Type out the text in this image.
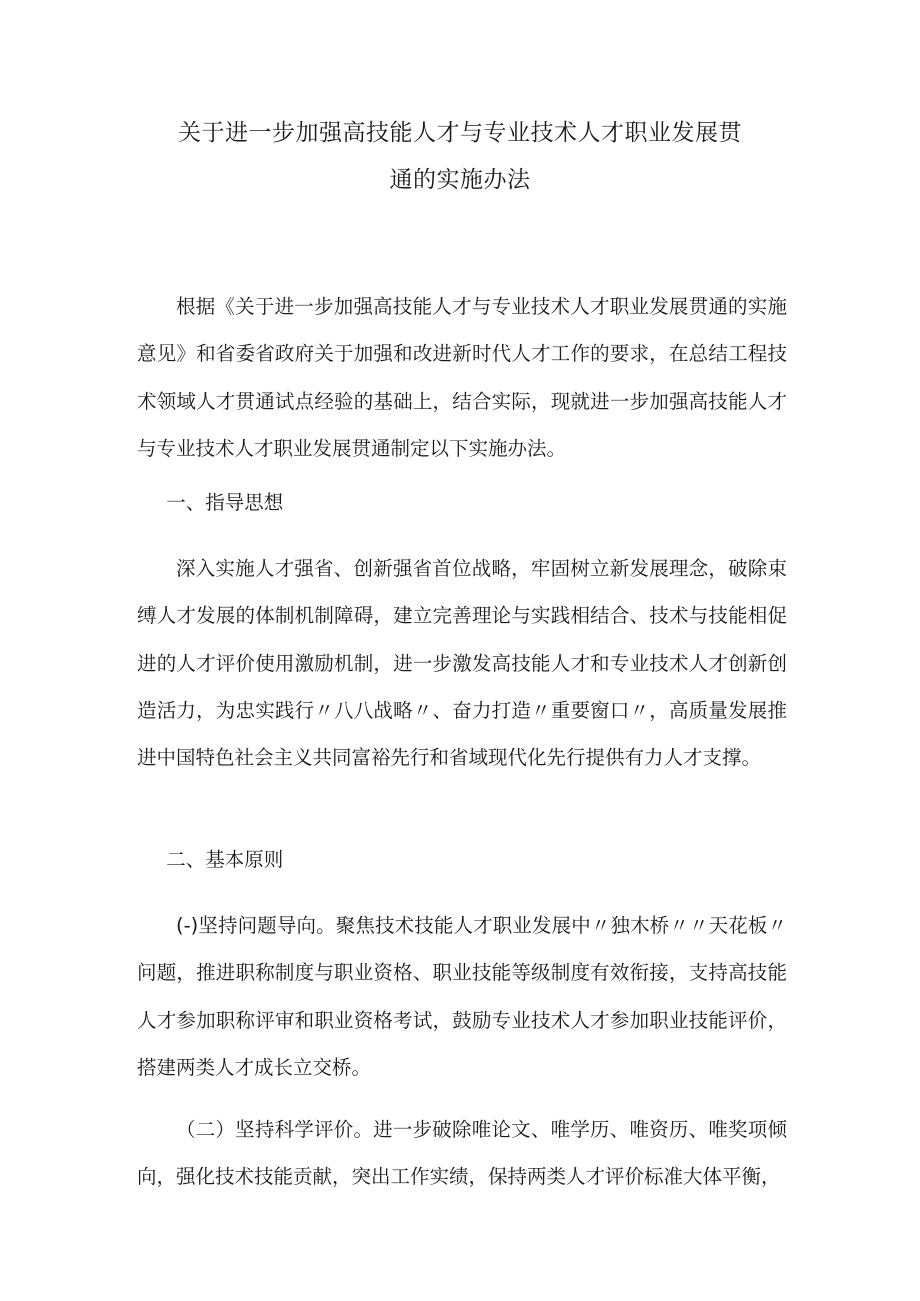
关于进一步加强高技能人才与专业技术人才职业发展贯
通的实施办法

根据《关于进一步加强高技能人才与专业技术人才职业发展贯通的实施意见》和省委省政府关于加强和改进新时代人才工作的要求，在总结工程技术领域人才贯通试点经验的基础上，结合实际，现就进一步加强高技能人才与专业技术人才职业发展贯通制定以下实施办法。

一、指导思想

深入实施人才强省、创新强省首位战略，牢固树立新发展理念，破除束缚人才发展的体制机制障碍，建立完善理论与实践相结合、技术与技能相促进的人才评价使用激励机制，进一步激发高技能人才和专业技术人才创新创造活力，为忠实践行〃八八战略〃、奋力打造〃重要窗口〃，高质量发展推进中国特色社会主义共同富裕先行和省域现代化先行提供有力人才支撑。

二、基本原则

(-)坚持问题导向。聚焦技术技能人才职业发展中〃独木桥〃〃天花板〃问题，推进职称制度与职业资格、职业技能等级制度有效衔接，支持高技能人才参加职称评审和职业资格考试，鼓励专业技术人才参加职业技能评价，搭建两类人才成长立交桥。

（二）坚持科学评价。进一步破除唯论文、唯学历、唯资历、唯奖项倾向，强化技术技能贡献，突出工作实绩，保持两类人才评价标准大体平衡，
